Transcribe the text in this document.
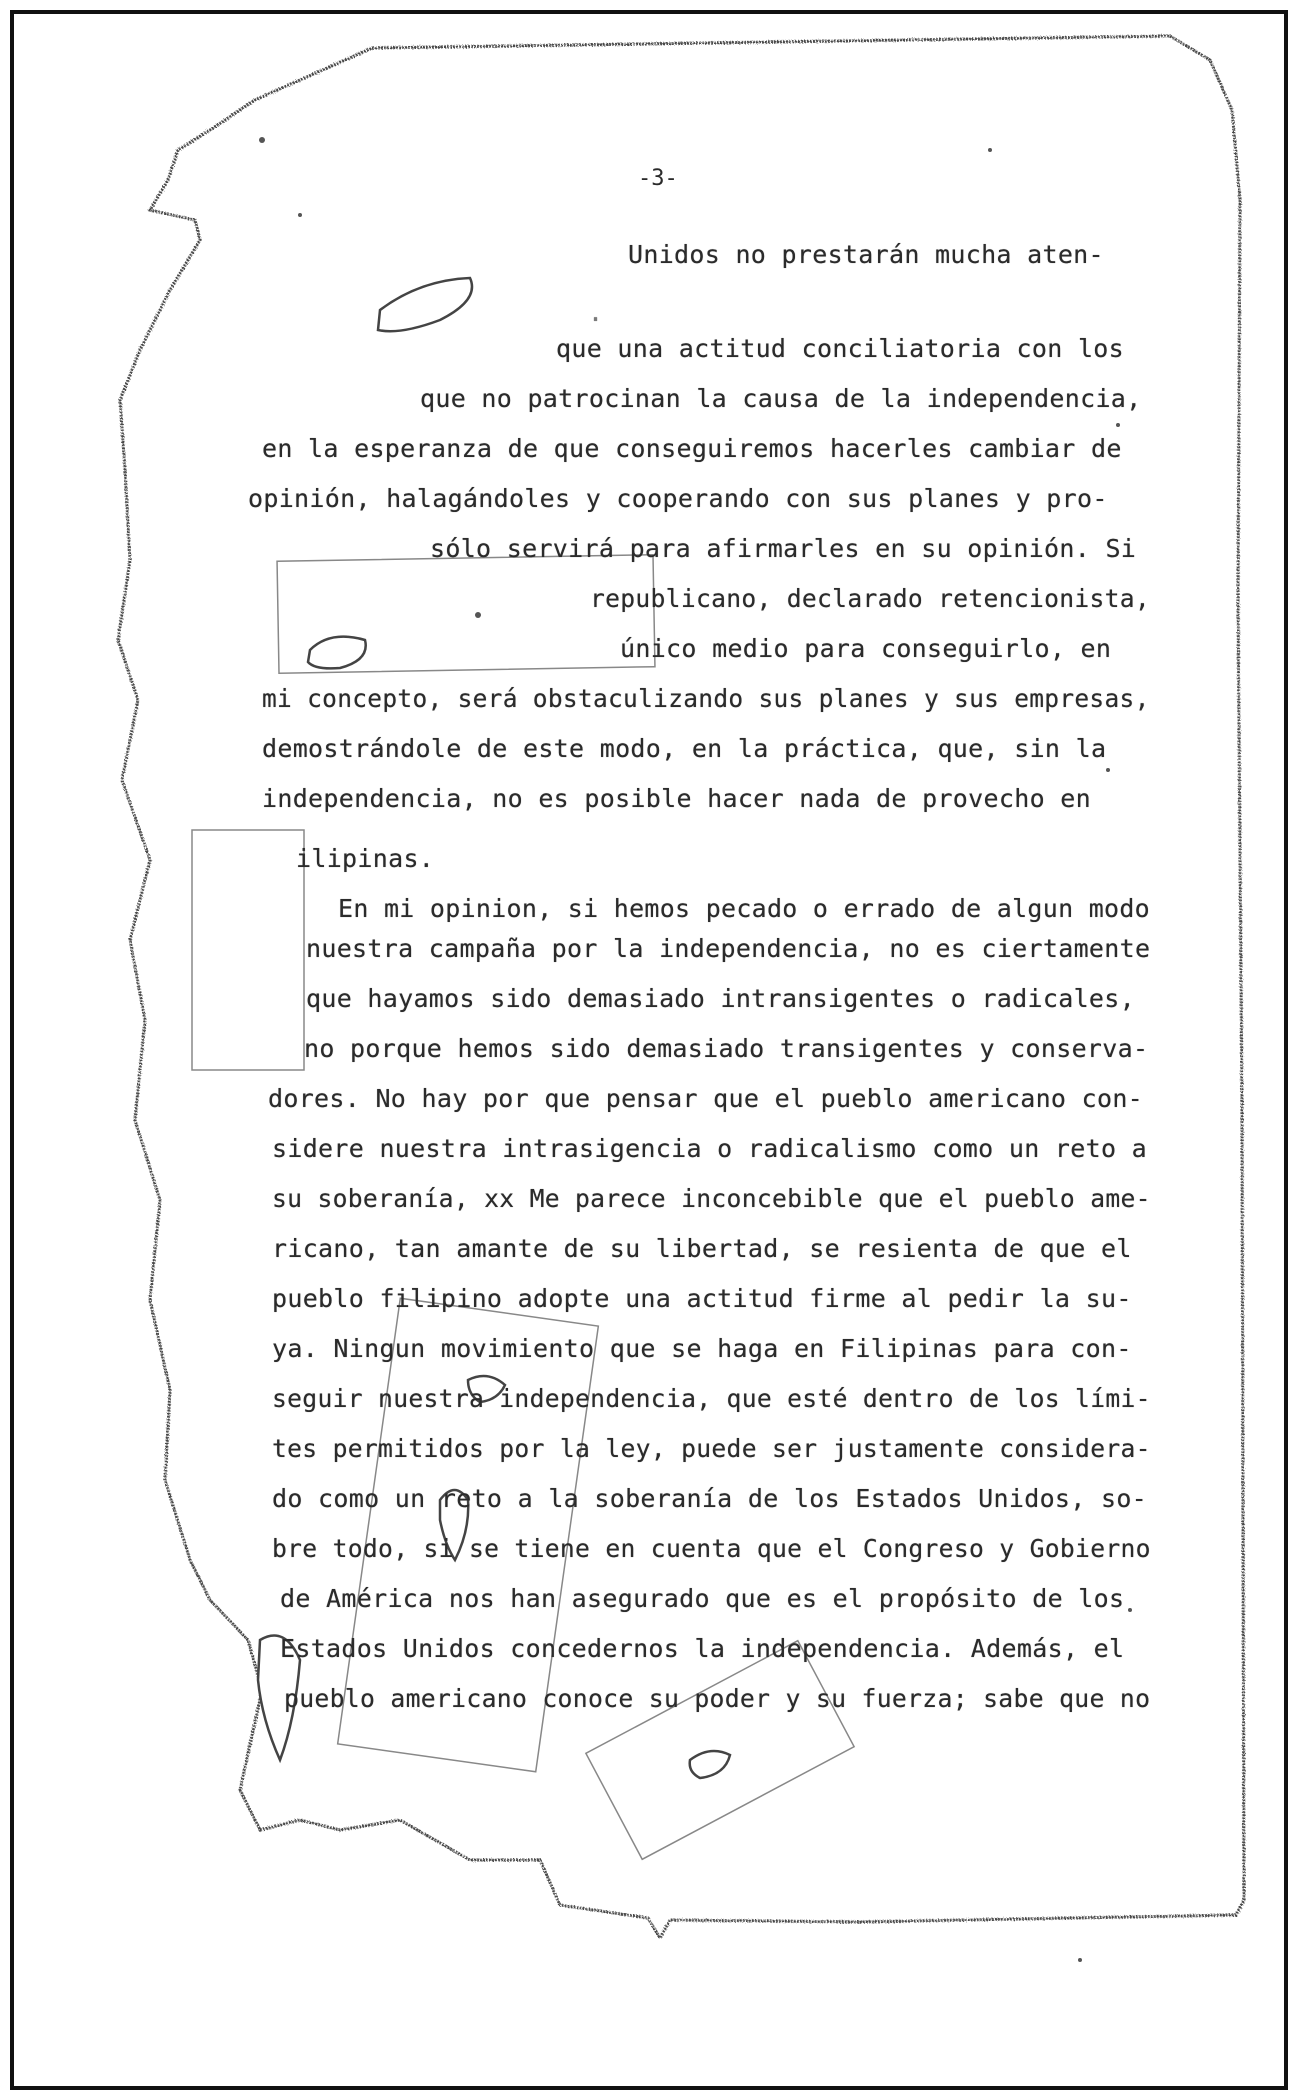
-3-
Unidos no prestarán mucha aten-
.
que una actitud conciliatoria con los
que no patrocinan la causa de la independencia,
en la esperanza de que conseguiremos hacerles cambiar de
opinión, halagándoles y cooperando con sus planes y pro-
sólo servirá para afirmarles en su opinión. Si
republicano, declarado retencionista,
único medio para conseguirlo, en
mi concepto, será obstaculizando sus planes y sus empresas,
demostrándole de este modo, en la práctica, que, sin la
independencia, no es posible hacer nada de provecho en
ilipinas.
En mi opinion, si hemos pecado o errado de algun modo
nuestra campaña por la independencia, no es ciertamente
que hayamos sido demasiado intransigentes o radicales,
no porque hemos sido demasiado transigentes y conserva-
dores. No hay por que pensar que el pueblo americano con-
sidere nuestra intrasigencia o radicalismo como un reto a
su soberanía, xx Me parece inconcebible que el pueblo ame-
ricano, tan amante de su libertad, se resienta de que el
pueblo filipino adopte una actitud firme al pedir la su-
ya. Ningun movimiento que se haga en Filipinas para con-
seguir nuestra independencia, que esté dentro de los lími-
tes permitidos por la ley, puede ser justamente considera-
do como un reto a la soberanía de los Estados Unidos, so-
bre todo, si se tiene en cuenta que el Congreso y Gobierno
de América nos han asegurado que es el propósito de los
Estados Unidos concedernos la independencia. Además, el
pueblo americano conoce su poder y su fuerza; sabe que no
